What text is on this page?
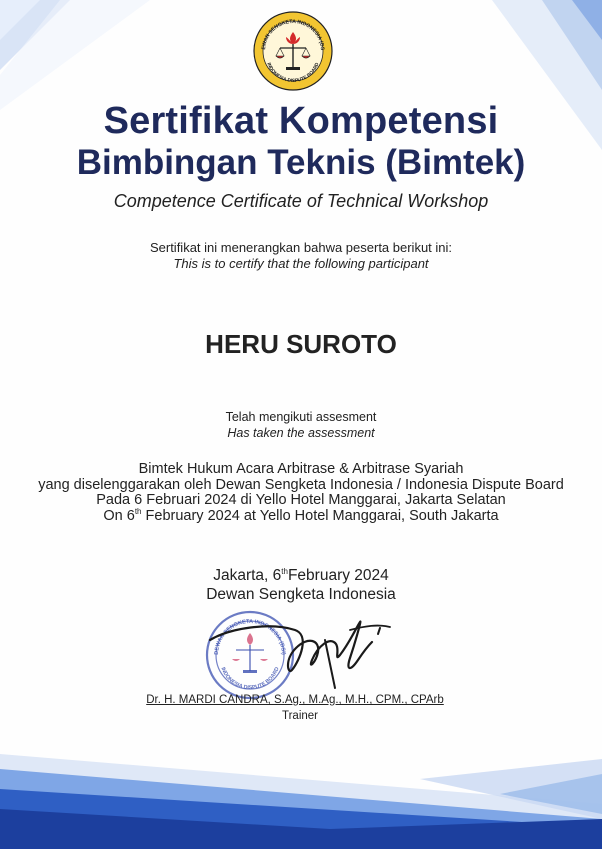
EWAN SENGKETA INDONESIA (DS
INDONESIA DISPUTE BOARD
Sertifikat Kompetensi
Bimbingan Teknis (Bimtek)
Competence Certificate of Technical Workshop
Sertifikat ini menerangkan bahwa peserta berikut ini:
This is to certify that the following participant
HERU SUROTO
Telah mengikuti assesment
Has taken the assessment
Bimtek Hukum Acara Arbitrase & Arbitrase Syariah
yang diselenggarakan oleh Dewan Sengketa Indonesia / Indonesia Dispute Board
Pada 6 Februari 2024 di Yello Hotel Manggarai, Jakarta Selatan
On 6th February 2024 at Yello Hotel Manggarai, South Jakarta
Jakarta, 6thFebruary 2024
Dewan Sengketa Indonesia
DEWAN SENGKETA INDONESIA (DSI)
INDONESIA DISPUTE BOARD
Dr. H. MARDI CANDRA, S.Ag., M.Ag., M.H., CPM., CPArb
Trainer
